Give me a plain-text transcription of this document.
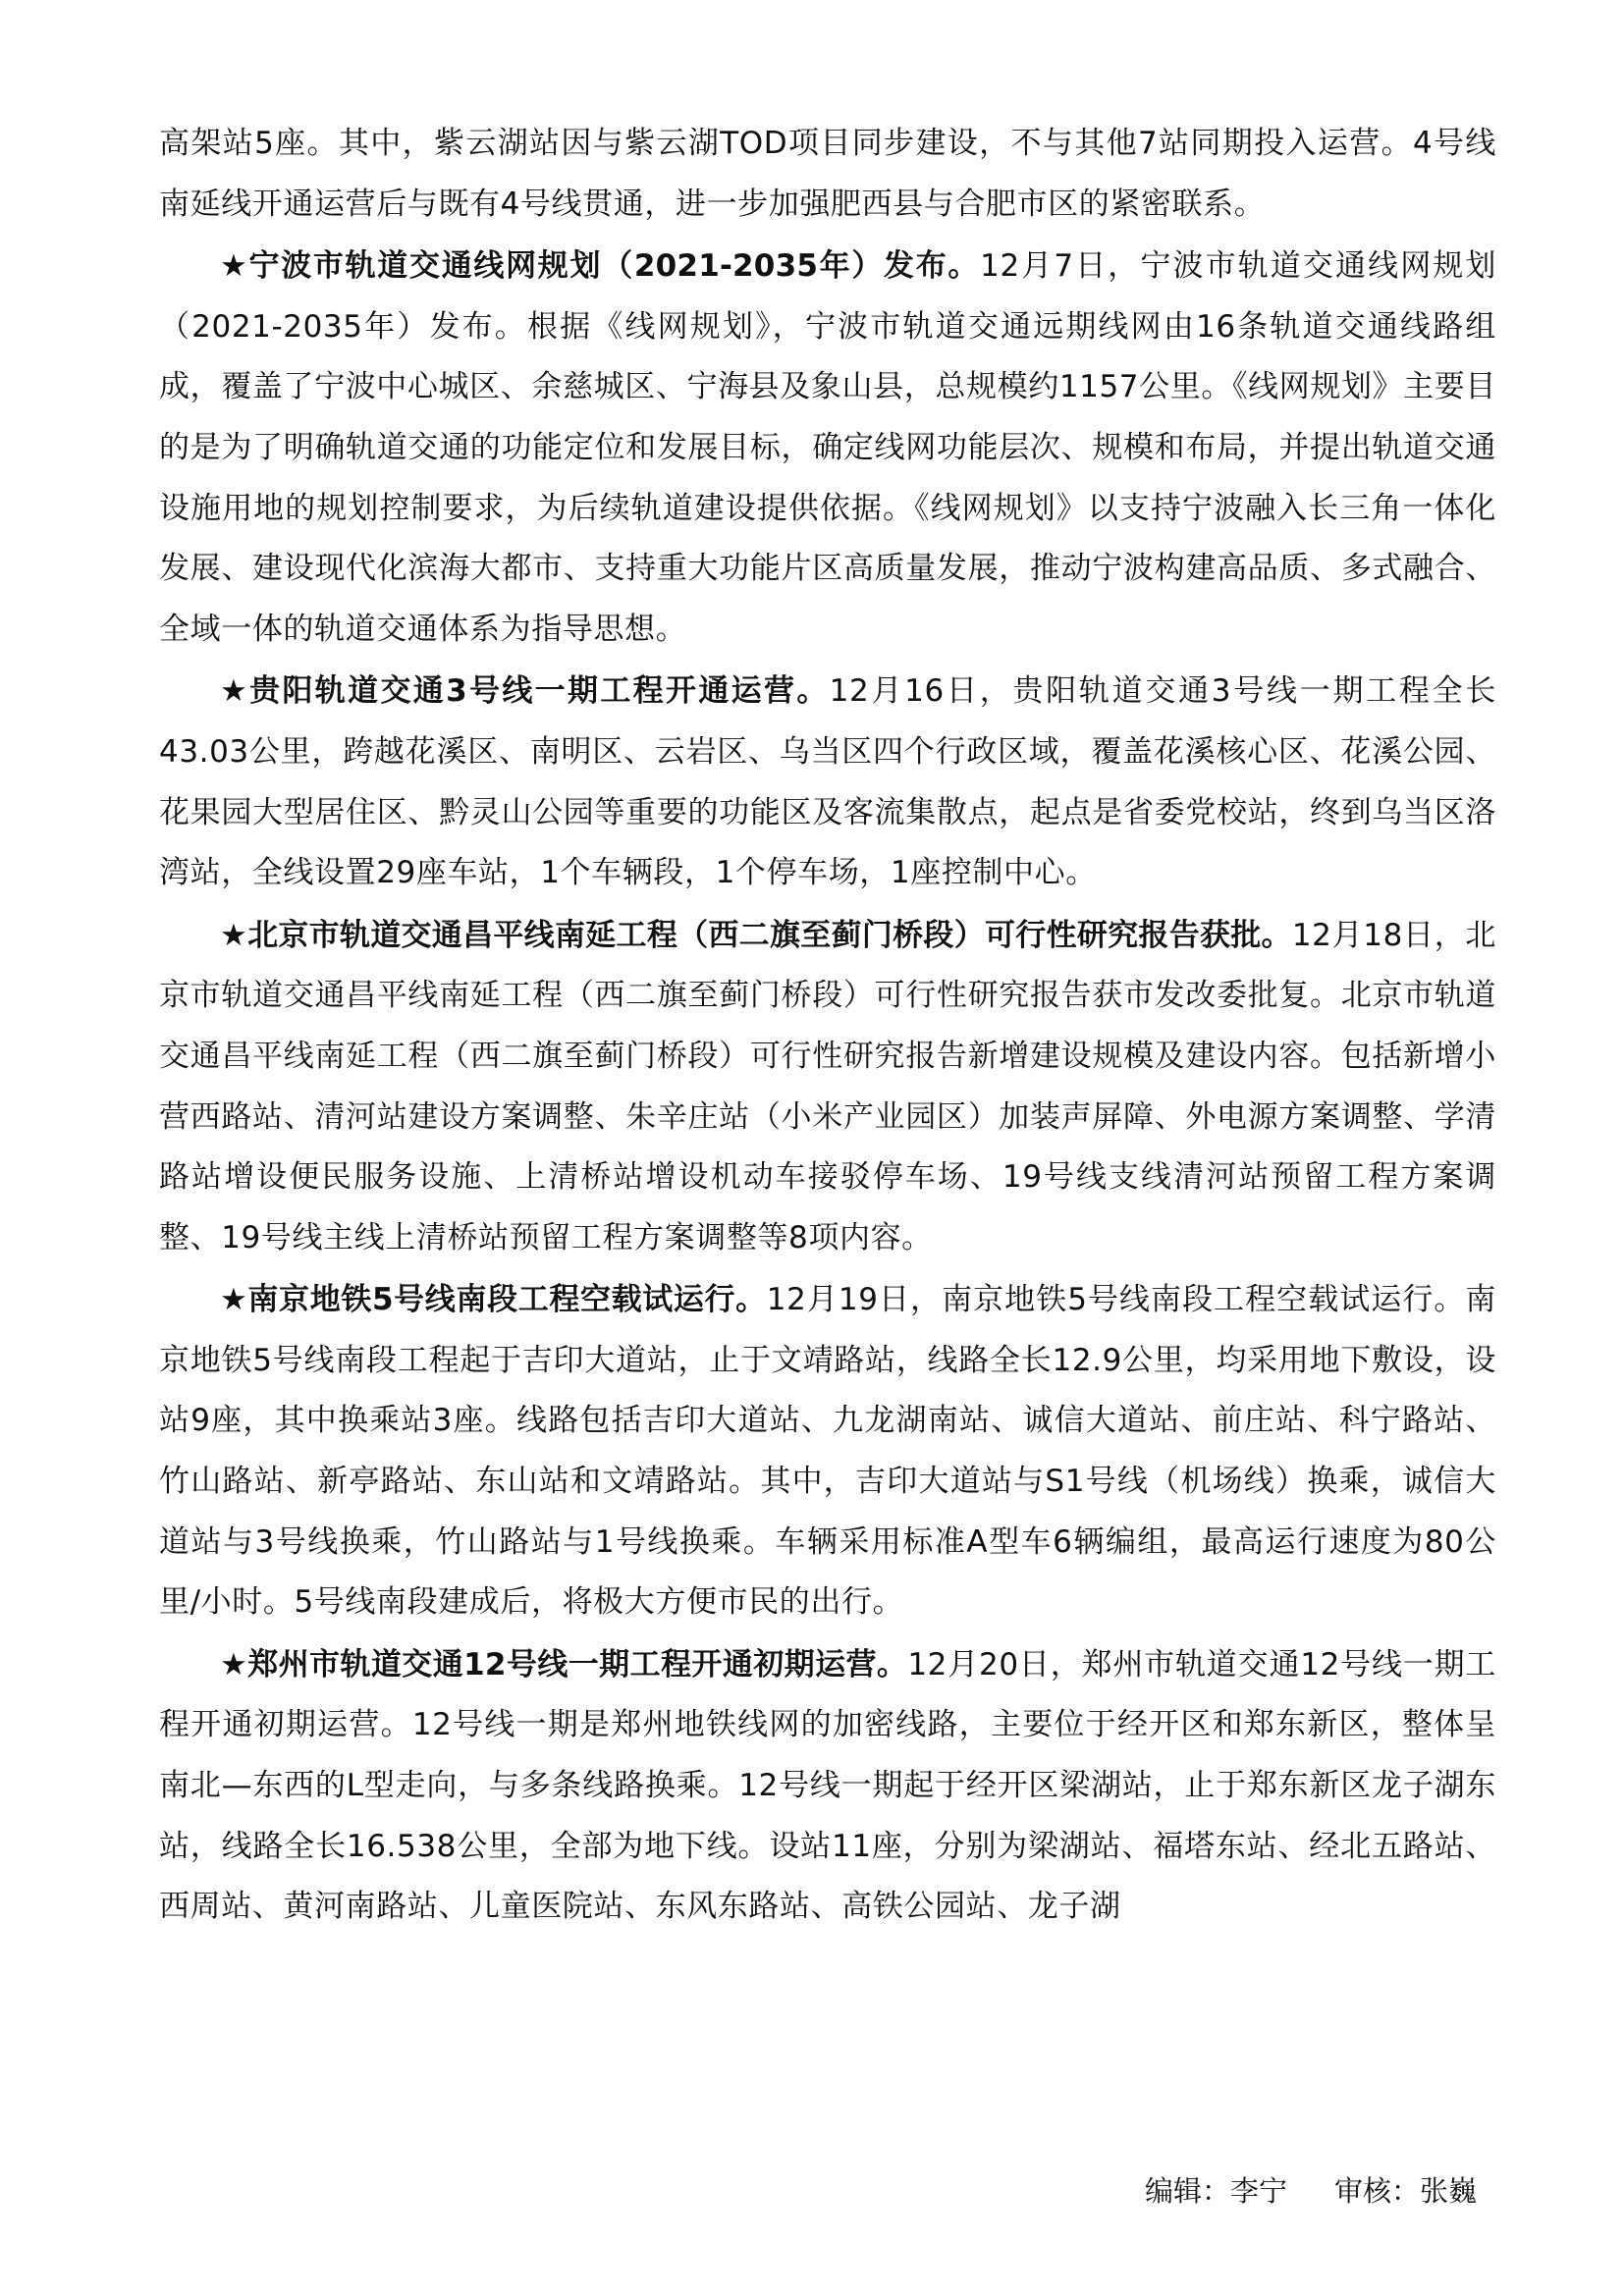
高架站5座。其中，紫云湖站因与紫云湖TOD项目同步建设，不与其他7站同期投入运营。4号线南延线开通运营后与既有4号线贯通，进一步加强肥西县与合肥市区的紧密联系。

★宁波市轨道交通线网规划（2021-2035年）发布。12月7日，宁波市轨道交通线网规划（2021-2035年）发布。根据《线网规划》，宁波市轨道交通远期线网由16条轨道交通线路组成，覆盖了宁波中心城区、余慈城区、宁海县及象山县，总规模约1157公里。《线网规划》主要目的是为了明确轨道交通的功能定位和发展目标，确定线网功能层次、规模和布局，并提出轨道交通设施用地的规划控制要求，为后续轨道建设提供依据。《线网规划》以支持宁波融入长三角一体化发展、建设现代化滨海大都市、支持重大功能片区高质量发展，推动宁波构建高品质、多式融合、全域一体的轨道交通体系为指导思想。

★贵阳轨道交通3号线一期工程开通运营。12月16日，贵阳轨道交通3号线一期工程全长43.03公里，跨越花溪区、南明区、云岩区、乌当区四个行政区域，覆盖花溪核心区、花溪公园、花果园大型居住区、黔灵山公园等重要的功能区及客流集散点，起点是省委党校站，终到乌当区洛湾站，全线设置29座车站，1个车辆段，1个停车场，1座控制中心。

★北京市轨道交通昌平线南延工程（西二旗至蓟门桥段）可行性研究报告获批。12月18日，北京市轨道交通昌平线南延工程（西二旗至蓟门桥段）可行性研究报告获市发改委批复。北京市轨道交通昌平线南延工程（西二旗至蓟门桥段）可行性研究报告新增建设规模及建设内容。包括新增小营西路站、清河站建设方案调整、朱辛庄站（小米产业园区）加装声屏障、外电源方案调整、学清路站增设便民服务设施、上清桥站增设机动车接驳停车场、19号线支线清河站预留工程方案调整、19号线主线上清桥站预留工程方案调整等8项内容。

★南京地铁5号线南段工程空载试运行。12月19日，南京地铁5号线南段工程空载试运行。南京地铁5号线南段工程起于吉印大道站，止于文靖路站，线路全长12.9公里，均采用地下敷设，设站9座，其中换乘站3座。线路包括吉印大道站、九龙湖南站、诚信大道站、前庄站、科宁路站、竹山路站、新亭路站、东山站和文靖路站。其中，吉印大道站与S1号线（机场线）换乘，诚信大道站与3号线换乘，竹山路站与1号线换乘。车辆采用标准A型车6辆编组，最高运行速度为80公里/小时。5号线南段建成后，将极大方便市民的出行。

★郑州市轨道交通12号线一期工程开通初期运营。12月20日，郑州市轨道交通12号线一期工程开通初期运营。12号线一期是郑州地铁线网的加密线路，主要位于经开区和郑东新区，整体呈南北—东西的L型走向，与多条线路换乘。12号线一期起于经开区梁湖站，止于郑东新区龙子湖东站，线路全长16.538公里，全部为地下线。设站11座，分别为梁湖站、福塔东站、经北五路站、西周站、黄河南路站、儿童医院站、东风东路站、高铁公园站、龙子湖

编辑：李宁 审核：张巍
